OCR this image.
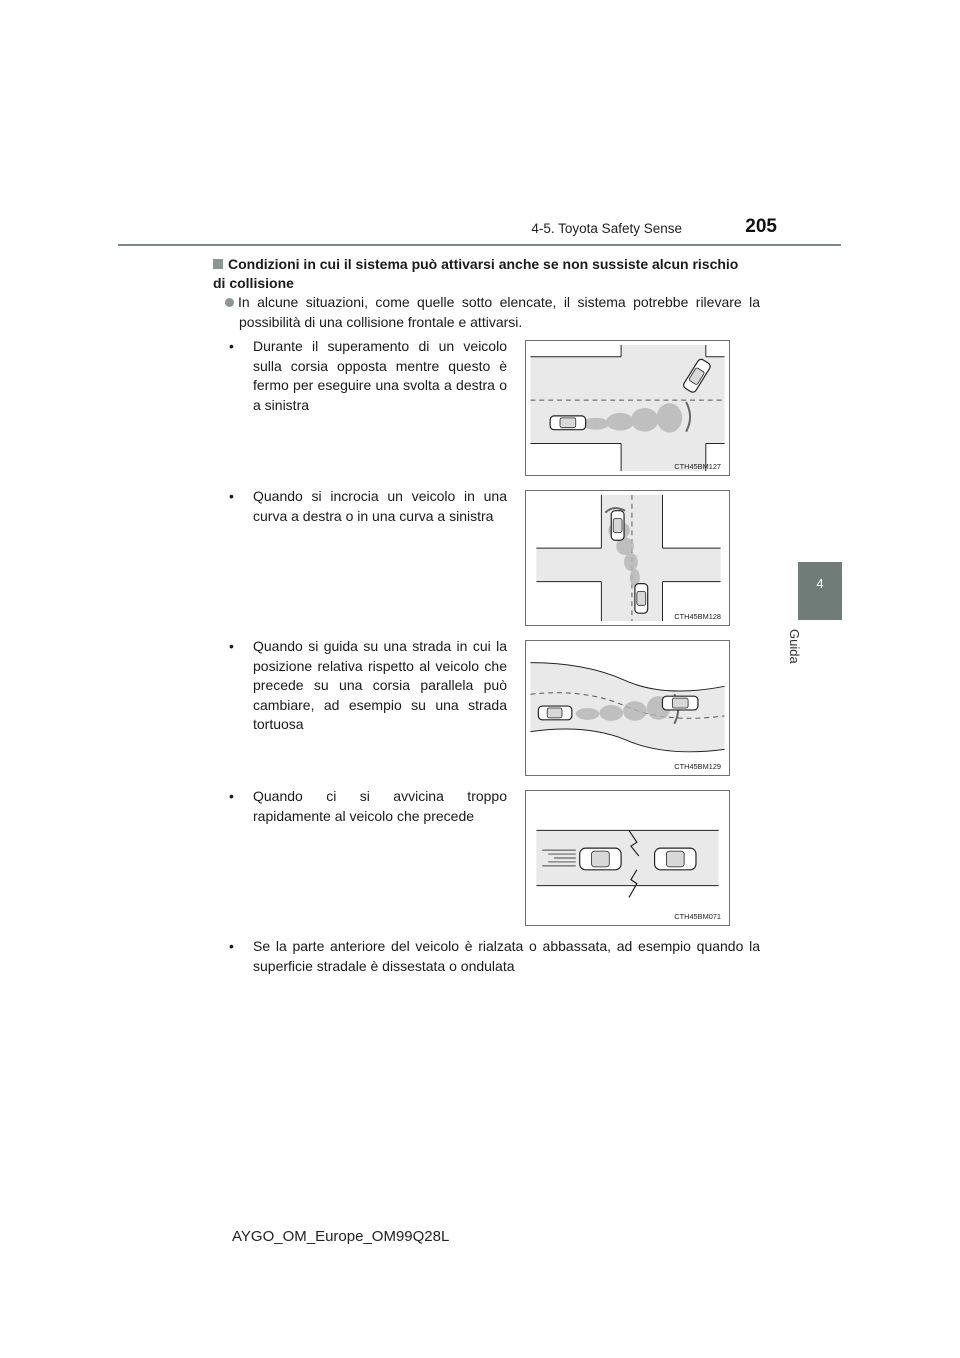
4-5. Toyota Safety Sense	205
4
Guida
Condizioni in cui il sistema può attivarsi anche se non sussiste alcun rischio di collisione
In alcune situazioni, come quelle sotto elencate, il sistema potrebbe rilevare la possibilità di una collisione frontale e attivarsi.
• Durante il superamento di un veicolo sulla corsia opposta mentre questo è fermo per eseguire una svolta a destra o a sinistra
CTH45BM127
• Quando si incrocia un veicolo in una curva a destra o in una curva a sinistra
CTH45BM128
• Quando si guida su una strada in cui la posizione relativa rispetto al veicolo che precede su una corsia parallela può cambiare, ad esempio su una strada tortuosa
CTH45BM129
• Quando ci si avvicina troppo rapidamente al veicolo che precede
CTH45BM071
• Se la parte anteriore del veicolo è rialzata o abbassata, ad esempio quando la superficie stradale è dissestata o ondulata
AYGO_OM_Europe_OM99Q28L
